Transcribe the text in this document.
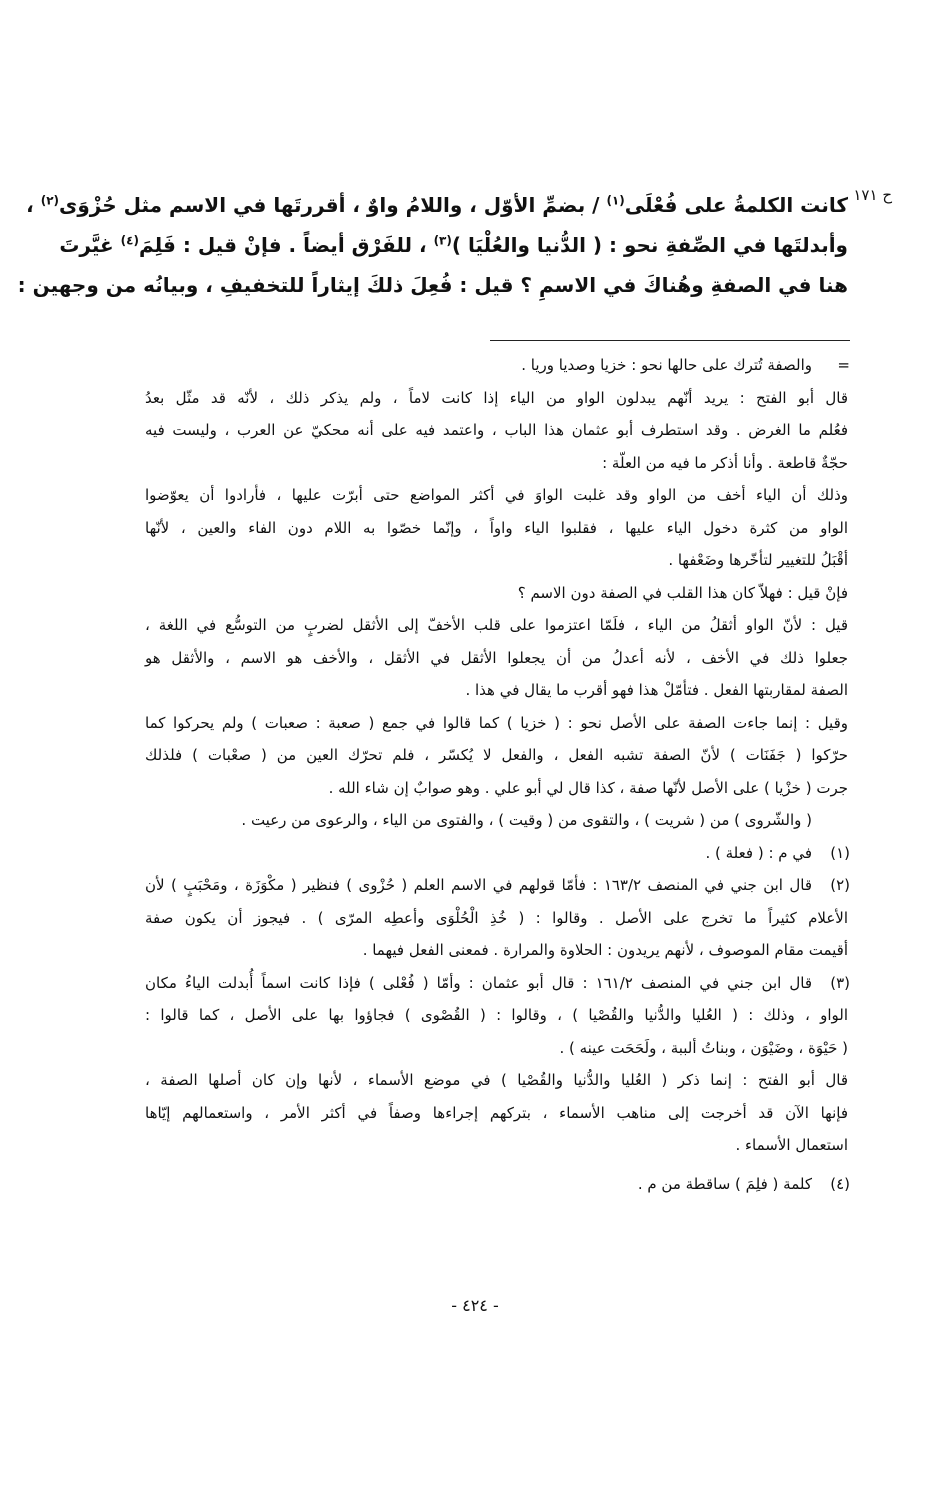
ح ١٧١
كانت الكلمةُ على فُعْلَى$^{(١)}$ / بضمِّ الأوّل ، واللامُ واوٌ ، أقررتَها في الاسم مثل حُزْوَى$^{(٢)}$ ،
وأبدلتَها في الصِّفةِ نحو : ( الدُّنيا والعُلْيَا )$^{(٣)}$ ، للفَرْق أيضاً . فإنْ قيل : فَلِمَ$^{(٤)}$ غيَّرتَ
هنا في الصفةِ وهُناكَ في الاسمِ ؟ قيل : فُعِلَ ذلكَ إيثاراً للتخفيفِ ، وبيانُه من وجهين :
=
والصفة تُترك على حالها نحو : خزيا وصديا وريا .
قال أبو الفتح : يريد أنّهم يبدلون الواو من الياء إذا كانت لاماً ، ولم يذكر ذلك ، لأنّه قد مثّل بعدُ
فعُلم ما الغرض . وقد استطرف أبو عثمان هذا الباب ، واعتمد فيه على أنه محكيّ عن العرب ، وليست فيه
حجّةٌ قاطعة . وأنا أذكر ما فيه من العلّة :
وذلك أن الياء أخف من الواو وقد غلبت الواوَ في أكثر المواضع حتى أبرّت عليها ، فأرادوا أن يعوّضوا
الواو من كثرة دخول الياء عليها ، فقلبوا الياء واواً ، وإنّما خصّوا به اللام دون الفاء والعين ، لأنّها
أقْبَلُ للتغيير لتأخّرها وضَعْفها .
فإنْ قيل : فهلاّ كان هذا القلب في الصفة دون الاسم ؟
قيل : لأنّ الواو أثقلُ من الياء ، فلَمّا اعتزموا على قلب الأخفّ إلى الأثقل لضربٍ من التوسُّع في اللغة ،
جعلوا ذلك في الأخف ، لأنه أعدلُ من أن يجعلوا الأثقل في الأثقل ، والأخف هو الاسم ، والأثقل هو
الصفة لمقاربتها الفعل . فتأمّلْ هذا فهو أقرب ما يقال في هذا .
وقيل : إنما جاءت الصفة على الأصل نحو : ( خزيا ) كما قالوا في جمع ( صعبة : صعبات ) ولم يحركوا كما
حرّكوا ( جَفَنَات ) لأنّ الصفة تشبه الفعل ، والفعل لا يُكسّر ، فلم تحرّك العين من ( صعْبات ) فلذلك
جرت ( خزْيا ) على الأصل لأنّها صفة ، كذا قال لي أبو علي . وهو صوابٌ إن شاء الله .
( والشّروى ) من ( شريت ) ، والتقوى من ( وقيت ) ، والفتوى من الياء ، والرعوى من رعيت .
(١)
في م : ( فعلة ) .
(٢)
قال ابن جني في المنصف ١٦٣/٢ : فأمّا قولهم في الاسم العلم ( حُزْوى ) فنظير ( مكْوَزَة ، ومَحْبَبٍ ) لأن
الأعلام كثيراً ما تخرج على الأصل . وقالوا : ( خُذِ الْحُلْوَى وأعطِه المرّى ) . فيجوز أن يكون صفة
أقيمت مقام الموصوف ، لأنهم يريدون : الحلاوة والمرارة . فمعنى الفعل فيهما .
(٣)
قال ابن جني في المنصف ١٦١/٢ : قال أبو عثمان : وأمّا ( فُعْلى ) فإذا كانت اسماً أُبدلت الياءُ مكان
الواو ، وذلك : ( العُليا والدُّنيا والقُصْيا ) ، وقالوا : ( القُصْوى ) فجاؤوا بها على الأصل ، كما قالوا :
( حَيْوَة ، وضَيْوَن ، وبناتُ ألببة ، ولَحَحَت عينه ) .
قال أبو الفتح : إنما ذكر ( العُليا والدُّنيا والقُصْيا ) في موضع الأسماء ، لأنها وإن كان أصلها الصفة ،
فإنها الآن قد أخرجت إلى مناهب الأسماء ، بتركهم إجراءها وصفاً في أكثر الأمر ، واستعمالهم إيّاها
استعمال الأسماء .
(٤)
كلمة ( فلِمَ ) ساقطة من م .
- ٤٢٤ -
